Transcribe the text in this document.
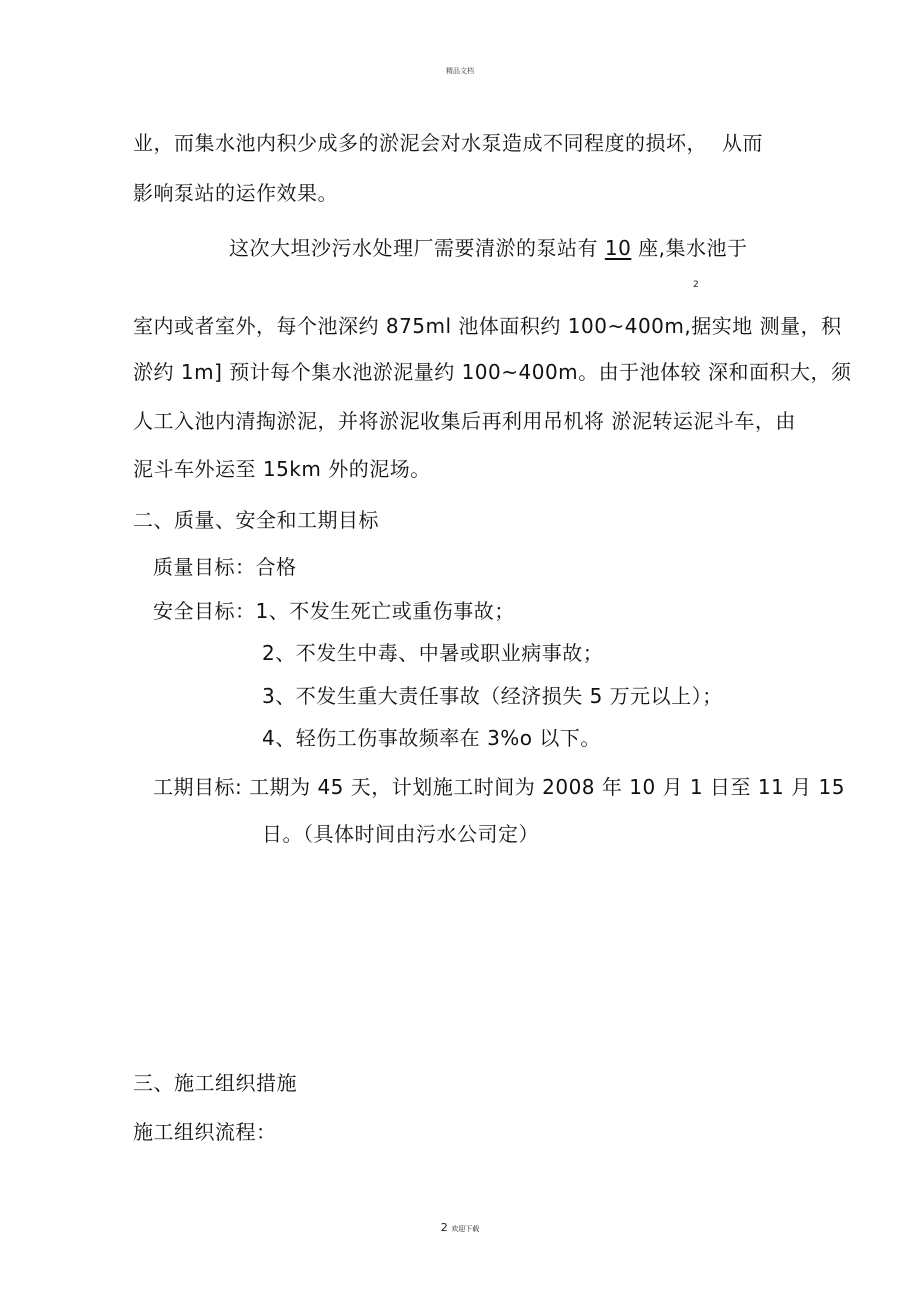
精品文档
业，而集水池内积少成多的淤泥会对水泵造成不同程度的损坏， 从而
影响泵站的运作效果。
这次大坦沙污水处理厂需要清淤的泵站有 10 座,集水池于
2
室内或者室外，每个池深约 875ml 池体面积约 100~400m,据实地 测量，积
淤约 1m] 预计每个集水池淤泥量约 100~400m。由于池体较 深和面积大，须
人工入池内清掏淤泥，并将淤泥收集后再利用吊机将 淤泥转运泥斗车，由
泥斗车外运至 15km 外的泥场。
二、质量、安全和工期目标
质量目标：合格
安全目标：1、不发生死亡或重伤事故；
2、不发生中毒、中暑或职业病事故；
3、不发生重大责任事故（经济损失 5 万元以上）；
4、轻伤工伤事故频率在 3%o 以下。
工期目标: 工期为 45 天，计划施工时间为 2008 年 10 月 1 日至 11 月 15
日。（具体时间由污水公司定）
三、施工组织措施
施工组织流程：
2 欢迎下载
